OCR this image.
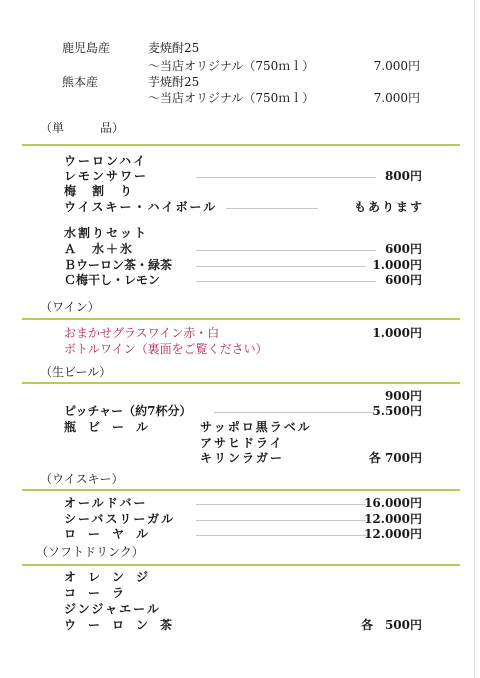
鹿児島産	麦焼酎25
～当店オリジナル（750ｍｌ）	7.000円
熊本産	芋焼酎25
～当店オリジナル（750ｍｌ）	7.000円
（単　　　品）
ウーロンハイ
レモンサワー	800円
梅　割　り
ウイスキー・ハイボール	もあります
水割りセット
Ａ　水＋氷	600円
Ｂウーロン茶・緑茶	1.000円
Ｃ梅干し・レモン	600円
（ワイン）
おまかせグラスワイン赤・白	1.000円
ボトルワイン（裏面をご覧ください）
（生ビール）
900円
ピッチャー（約7杯分）	5.500円
瓶　ビ　ー　ル	サッポロ黒ラベル
アサヒドライ
キリンラガー	各 700円
（ウイスキー）
オールドバー	16.000円
シーバスリーガル	12.000円
ロ　ー　ヤ　ル	12.000円
（ソフトドリンク）
オ　レ　ン　ジ
コ　ー　ラ
ジンジャエール
ウ　ー　ロ　ン　茶	各　500円
